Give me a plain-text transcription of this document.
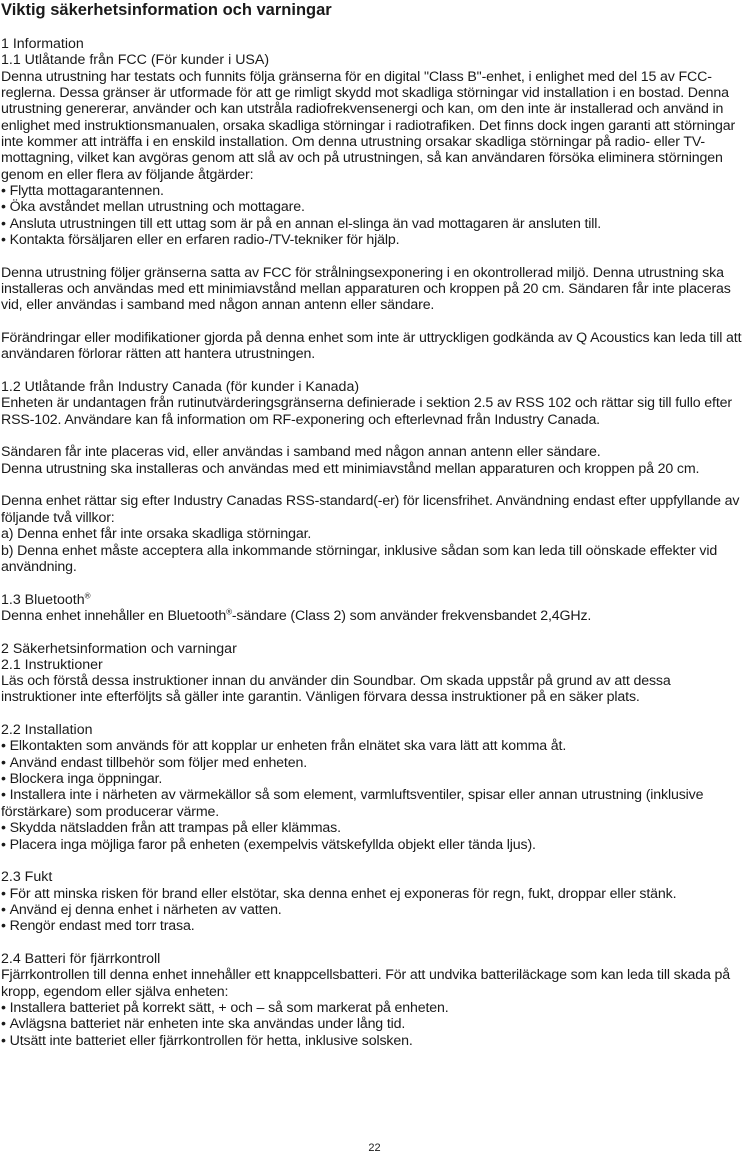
Viktig säkerhetsinformation och varningar
1 Information
1.1 Utlåtande från FCC (För kunder i USA)

Denna utrustning har testats och funnits följa gränserna för en digital "Class B"-enhet, i enlighet med del 15 av FCC-reglerna. Dessa gränser är utformade för att ge rimligt skydd mot skadliga störningar vid installation i en bostad. Denna utrustning genererar, använder och kan utstråla radiofrekvensenergi och kan, om den inte är installerad och använd in enlighet med instruktionsmanualen, orsaka skadliga störningar i radiotrafiken. Det finns dock ingen garanti att störningar inte kommer att inträffa i en enskild installation. Om denna utrustning orsakar skadliga störningar på radio- eller TV-mottagning, vilket kan avgöras genom att slå av och på utrustningen, så kan användaren försöka eliminera störningen genom en eller flera av följande åtgärder:

• Flytta mottagarantennen.
• Öka avståndet mellan utrustning och mottagare.
• Ansluta utrustningen till ett uttag som är på en annan el-slinga än vad mottagaren är ansluten till.
• Kontakta försäljaren eller en erfaren radio-/TV-tekniker för hjälp.

Denna utrustning följer gränserna satta av FCC för strålningsexponering i en okontrollerad miljö. Denna utrustning ska installeras och användas med ett minimiavstånd mellan apparaturen och kroppen på 20 cm. Sändaren får inte placeras vid, eller användas i samband med någon annan antenn eller sändare.

Förändringar eller modifikationer gjorda på denna enhet som inte är uttryckligen godkända av Q Acoustics kan leda till att användaren förlorar rätten att hantera utrustningen.

1.2 Utlåtande från Industry Canada (för kunder i Kanada)

Enheten är undantagen från rutinutvärderingsgränserna definierade i sektion 2.5 av RSS 102 och rättar sig till fullo efter RSS-102. Användare kan få information om RF-exponering och efterlevnad från Industry Canada.

Sändaren får inte placeras vid, eller användas i samband med någon annan antenn eller sändare.

Denna utrustning ska installeras och användas med ett minimiavstånd mellan apparaturen och kroppen på 20 cm.

Denna enhet rättar sig efter Industry Canadas RSS-standard(-er) för licensfrihet. Användning endast efter uppfyllande av följande två villkor:

a) Denna enhet får inte orsaka skadliga störningar.

b) Denna enhet måste acceptera alla inkommande störningar, inklusive sådan som kan leda till oönskade effekter vid användning.

1.3 Bluetooth®

Denna enhet innehåller en Bluetooth®-sändare (Class 2) som använder frekvensbandet 2,4GHz.

2 Säkerhetsinformation och varningar
2.1 Instruktioner

Läs och förstå dessa instruktioner innan du använder din Soundbar. Om skada uppstår på grund av att dessa instruktioner inte efterföljts så gäller inte garantin. Vänligen förvara dessa instruktioner på en säker plats.

2.2 Installation
• Elkontakten som används för att kopplar ur enheten från elnätet ska vara lätt att komma åt.
• Använd endast tillbehör som följer med enheten.
• Blockera inga öppningar.
• Installera inte i närheten av värmekällor så som element, varmluftsventiler, spisar eller annan utrustning (inklusive förstärkare) som producerar värme.
• Skydda nätsladden från att trampas på eller klämmas.
• Placera inga möjliga faror på enheten (exempelvis vätskefyllda objekt eller tända ljus).
2.3 Fukt
• För att minska risken för brand eller elstötar, ska denna enhet ej exponeras för regn, fukt, droppar eller stänk.
• Använd ej denna enhet i närheten av vatten.
• Rengör endast med torr trasa.
2.4 Batteri för fjärrkontroll

Fjärrkontrollen till denna enhet innehåller ett knappcellsbatteri. För att undvika batteriläckage som kan leda till skada på kropp, egendom eller själva enheten:

• Installera batteriet på korrekt sätt, + och – så som markerat på enheten.
• Avlägsna batteriet när enheten inte ska användas under lång tid.
• Utsätt inte batteriet eller fjärrkontrollen för hetta, inklusive solsken.
22
